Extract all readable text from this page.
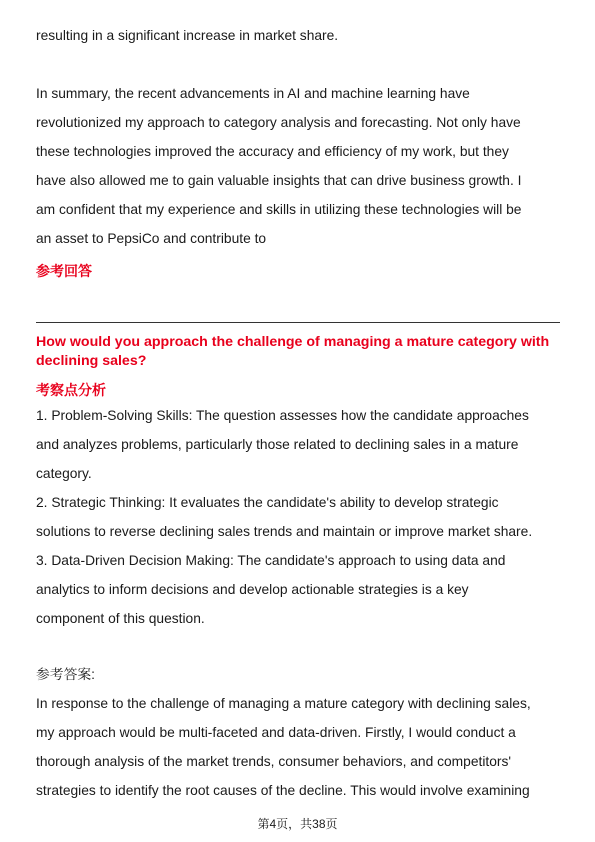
resulting in a significant increase in market share.

In summary, the recent advancements in AI and machine learning have

revolutionized my approach to category analysis and forecasting. Not only have

these technologies improved the accuracy and efficiency of my work, but they

have also allowed me to gain valuable insights that can drive business growth. I

am confident that my experience and skills in utilizing these technologies will be

an asset to PepsiCo and contribute to

参考回答

How would you approach the challenge of managing a mature category with

declining sales?

考察点分析

1. Problem-Solving Skills: The question assesses how the candidate approaches

and analyzes problems, particularly those related to declining sales in a mature

category.

2. Strategic Thinking: It evaluates the candidate's ability to develop strategic

solutions to reverse declining sales trends and maintain or improve market share.

3. Data-Driven Decision Making: The candidate's approach to using data and

analytics to inform decisions and develop actionable strategies is a key

component of this question.

参考答案:

In response to the challenge of managing a mature category with declining sales,

my approach would be multi-faceted and data-driven. Firstly, I would conduct a

thorough analysis of the market trends, consumer behaviors, and competitors'

strategies to identify the root causes of the decline. This would involve examining

第4页，共38页
